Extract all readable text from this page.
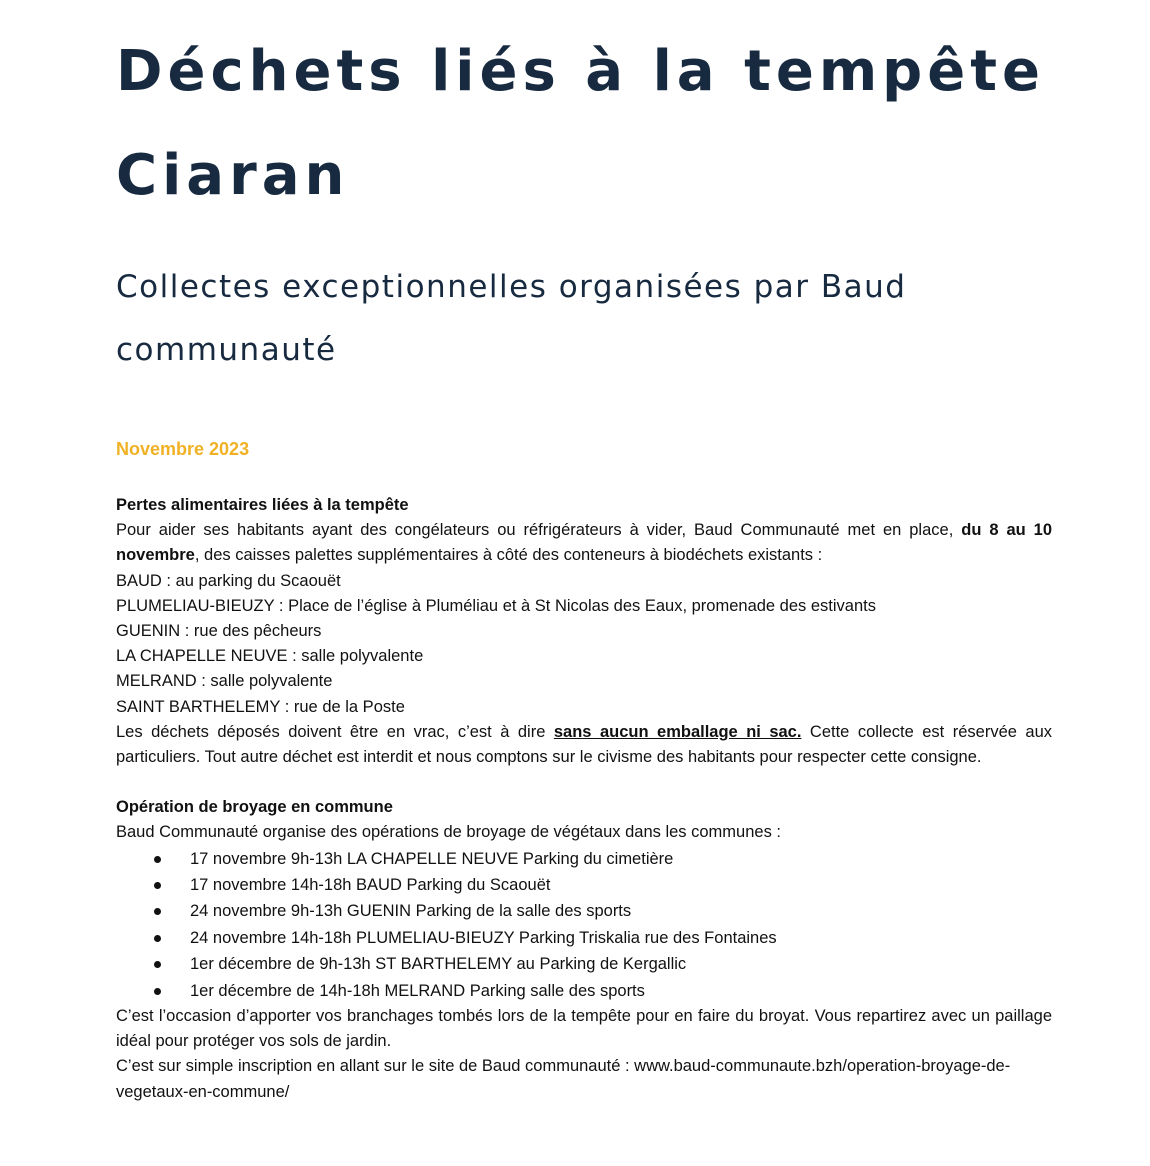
Déchets liés à la tempête
Ciaran
Collectes exceptionnelles organisées par Baud
communauté
Novembre 2023
Pertes alimentaires liées à la tempête
Pour aider ses habitants ayant des congélateurs ou réfrigérateurs à vider, Baud Communauté met en place, du 8 au 10 novembre, des caisses palettes supplémentaires à côté des conteneurs à biodéchets existants :
BAUD : au parking du Scaouët
PLUMELIAU-BIEUZY : Place de l’église à Pluméliau et à St Nicolas des Eaux, promenade des estivants
GUENIN : rue des pêcheurs
LA CHAPELLE NEUVE : salle polyvalente
MELRAND : salle polyvalente
SAINT BARTHELEMY : rue de la Poste
Les déchets déposés doivent être en vrac, c’est à dire sans aucun emballage ni sac. Cette collecte est réservée aux particuliers. Tout autre déchet est interdit et nous comptons sur le civisme des habitants pour respecter cette consigne.
Opération de broyage en commune
Baud Communauté organise des opérations de broyage de végétaux dans les communes :
17 novembre 9h-13h LA CHAPELLE NEUVE Parking du cimetière
17 novembre 14h-18h BAUD Parking du Scaouët
24 novembre 9h-13h GUENIN Parking de la salle des sports
24 novembre 14h-18h PLUMELIAU-BIEUZY Parking Triskalia rue des Fontaines
1er décembre de 9h-13h ST BARTHELEMY au Parking de Kergallic
1er décembre de 14h-18h MELRAND Parking salle des sports
C’est l’occasion d’apporter vos branchages tombés lors de la tempête pour en faire du broyat. Vous repartirez avec un paillage idéal pour protéger vos sols de jardin.
C’est sur simple inscription en allant sur le site de Baud communauté : www.baud-communaute.bzh/operation-broyage-de-vegetaux-en-commune/
